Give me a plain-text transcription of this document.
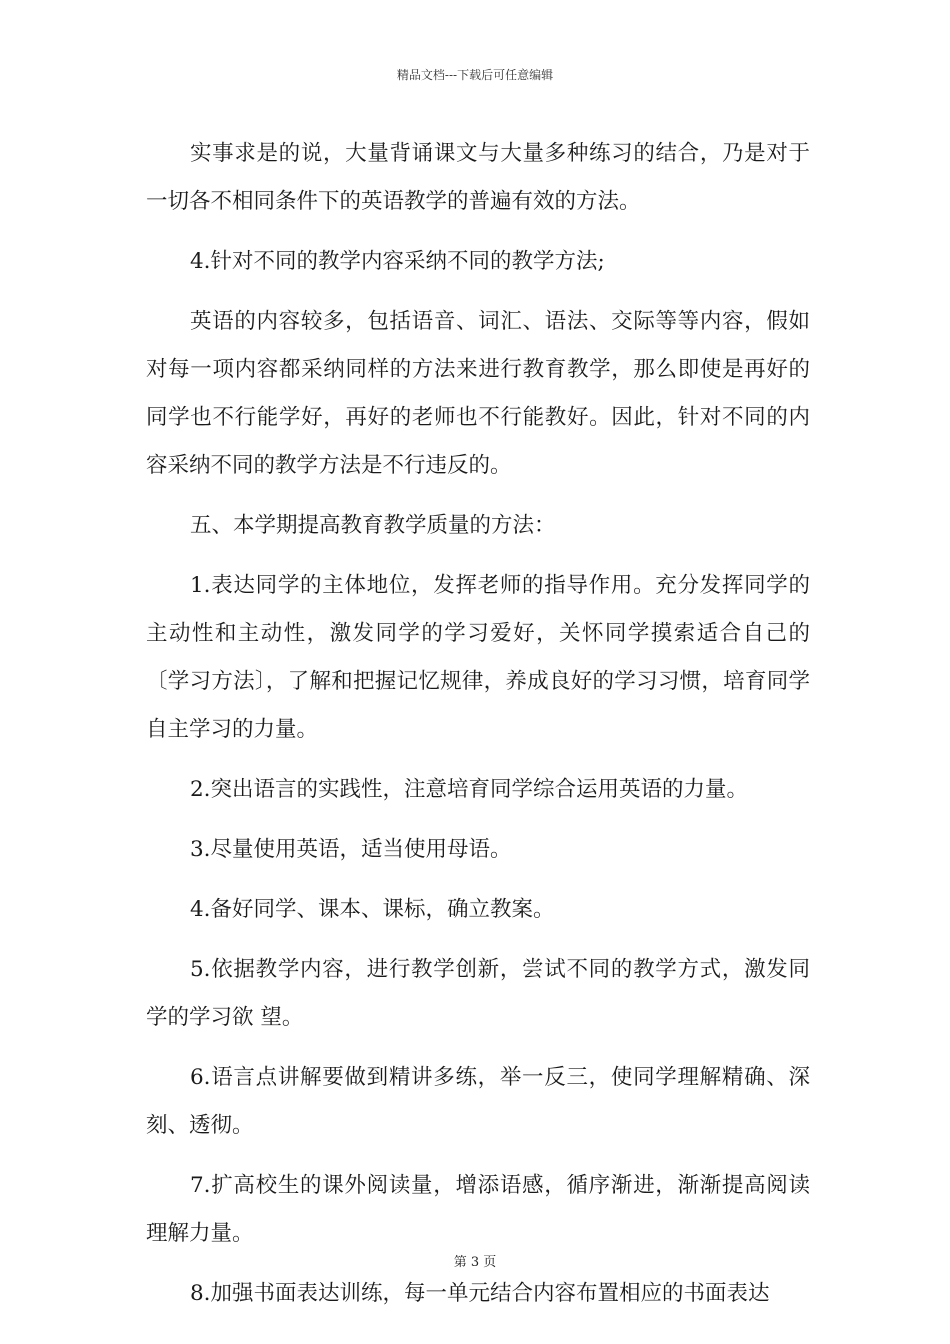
精品文档---下载后可任意编辑

实事求是的说，大量背诵课文与大量多种练习的结合，乃是对于一切各不相同条件下的英语教学的普遍有效的方法。

4.针对不同的教学内容采纳不同的教学方法;

英语的内容较多，包括语音、词汇、语法、交际等等内容，假如对每一项内容都采纳同样的方法来进行教育教学，那么即使是再好的同学也不行能学好，再好的老师也不行能教好。因此，针对不同的内容采纳不同的教学方法是不行违反的。

五、本学期提高教育教学质量的方法：

1.表达同学的主体地位，发挥老师的指导作用。充分发挥同学的主动性和主动性，激发同学的学习爱好，关怀同学摸索适合自己的〔学习方法〕，了解和把握记忆规律，养成良好的学习习惯，培育同学自主学习的力量。

2.突出语言的实践性，注意培育同学综合运用英语的力量。

3.尽量使用英语，适当使用母语。

4.备好同学、课本、课标，确立教案。

5.依据教学内容，进行教学创新，尝试不同的教学方式，激发同学的学习欲 望。

6.语言点讲解要做到精讲多练，举一反三，使同学理解精确、深刻、透彻。

7.扩高校生的课外阅读量，增添语感，循序渐进，渐渐提高阅读理解力量。

8.加强书面表达训练，每一单元结合内容布置相应的书面表达

第 3 页
